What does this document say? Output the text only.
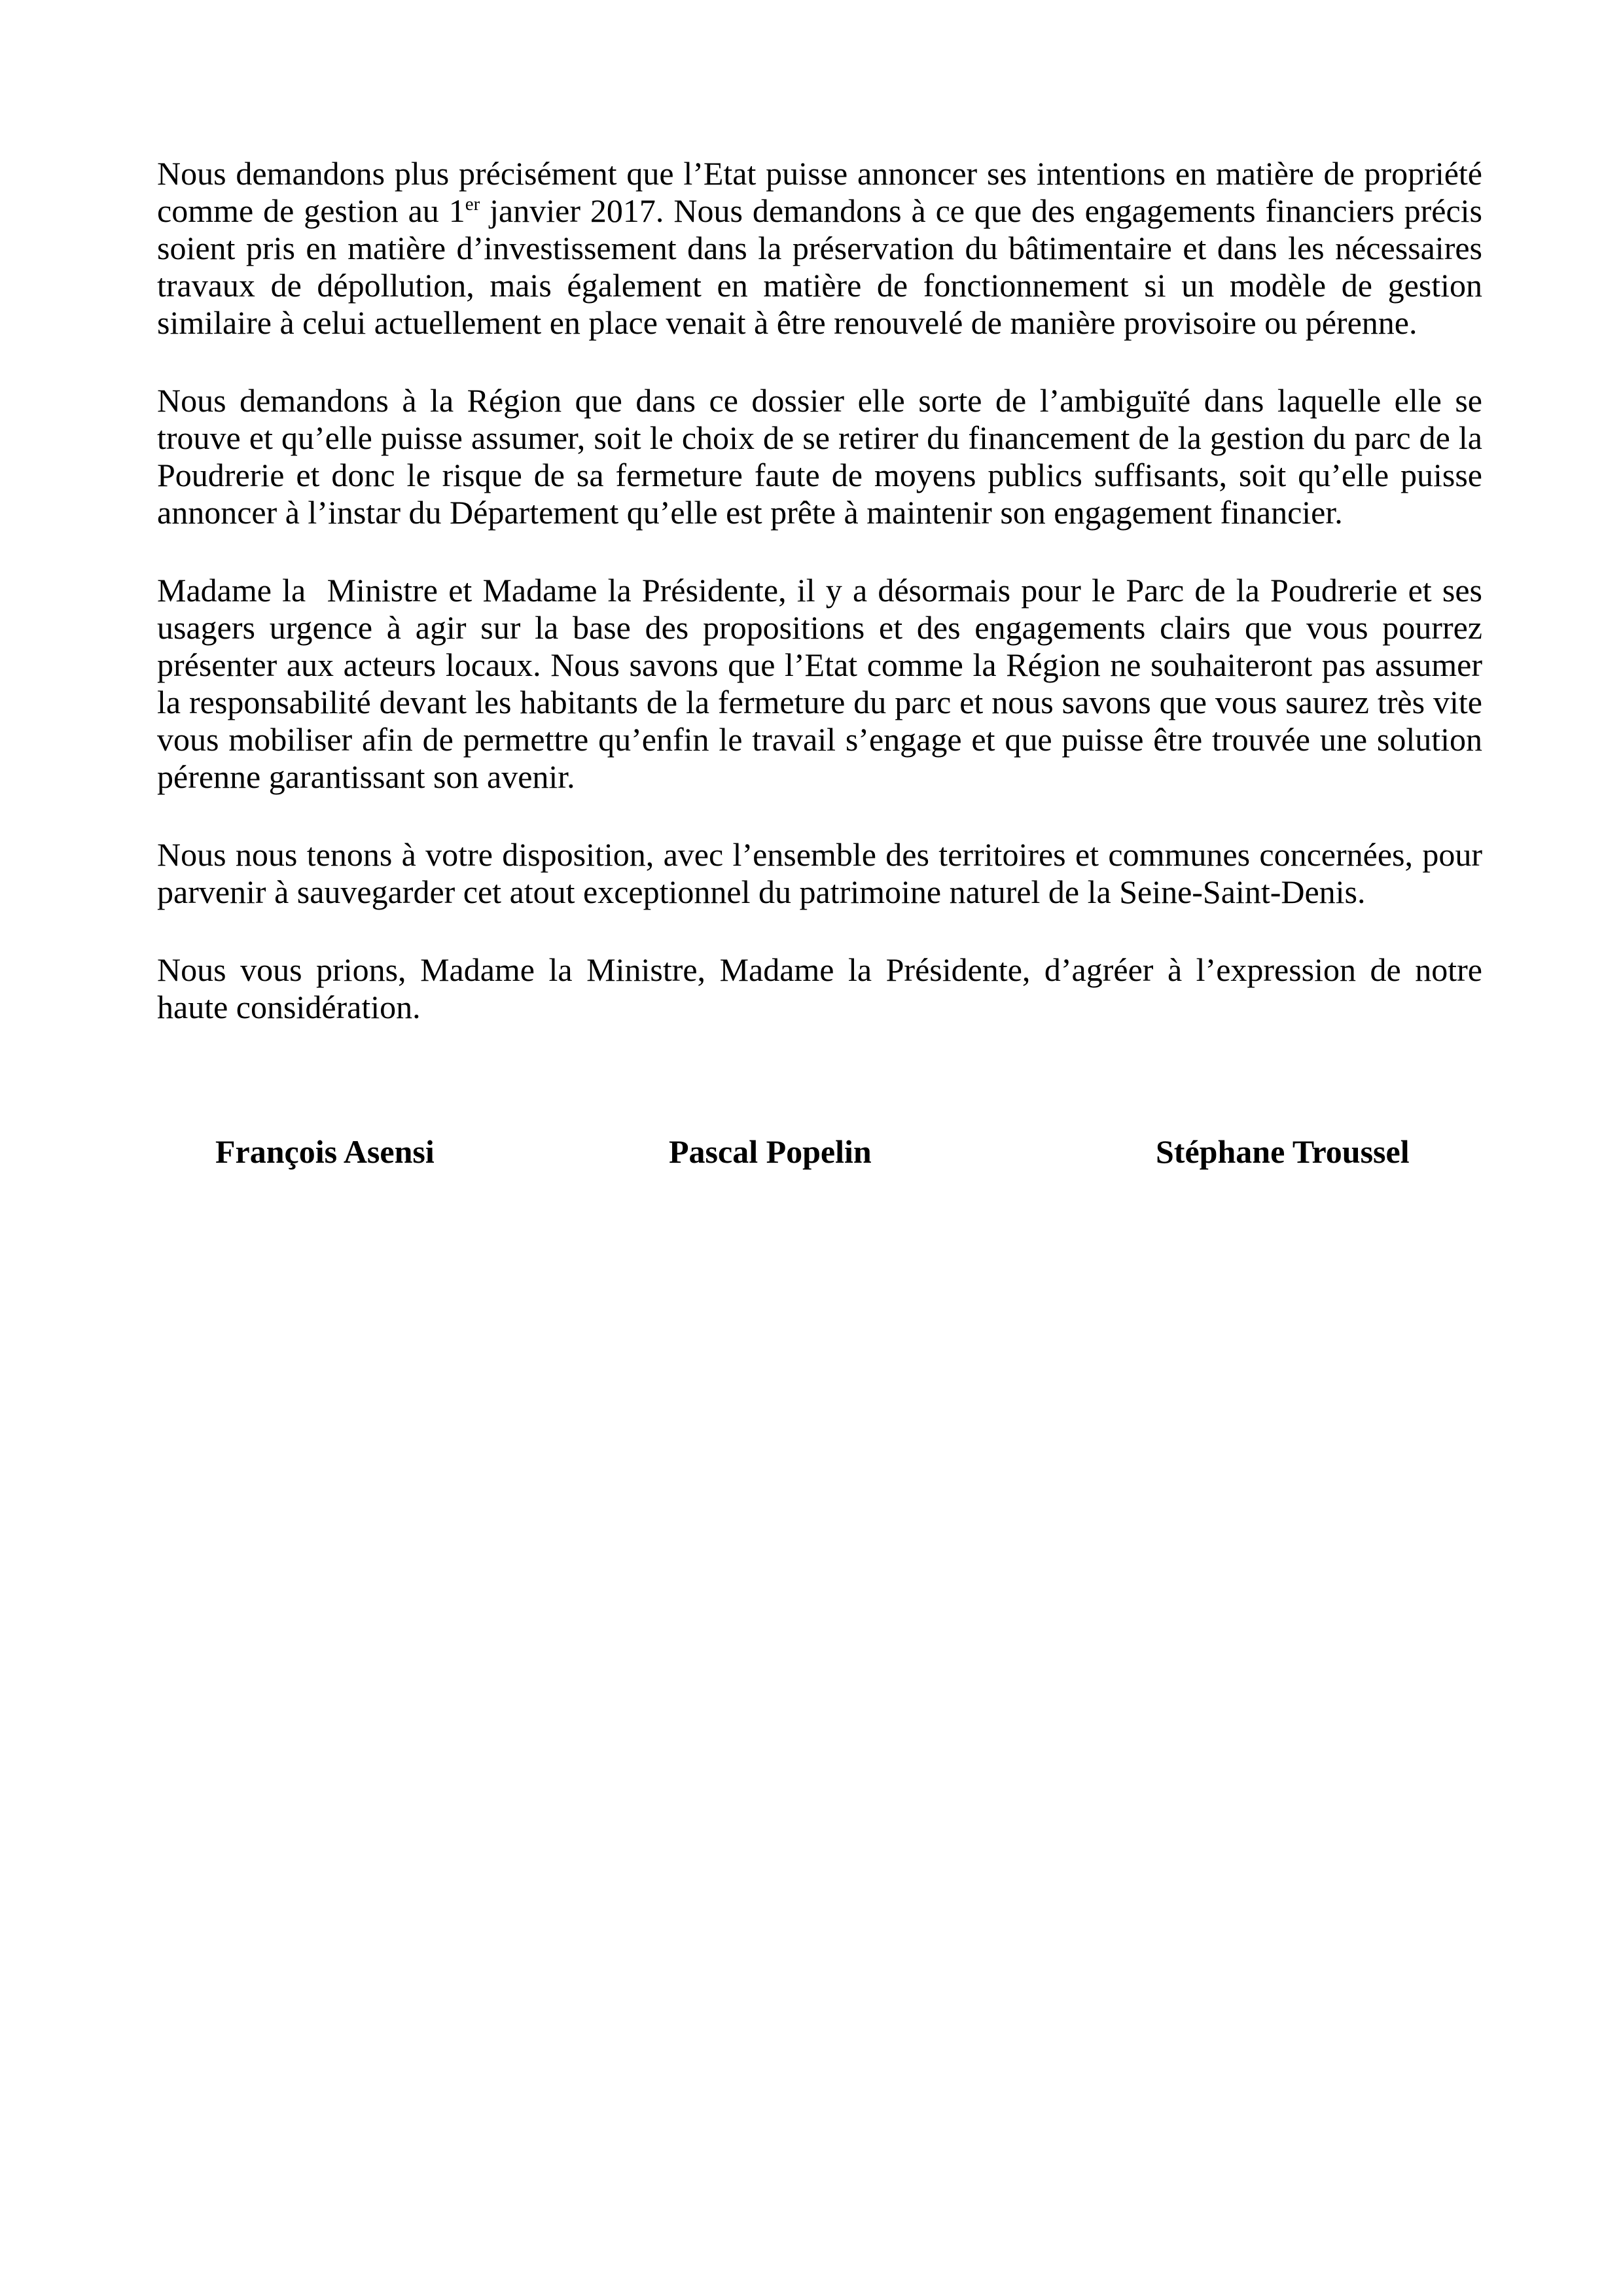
Nous demandons plus précisément que l’Etat puisse annoncer ses intentions en matière de propriété comme de gestion au 1er janvier 2017. Nous demandons à ce que des engagements financiers précis soient pris en matière d’investissement dans la préservation du bâtimentaire et dans les nécessaires travaux de dépollution, mais également en matière de fonctionnement si un modèle de gestion similaire à celui actuellement en place venait à être renouvelé de manière provisoire ou pérenne.

Nous demandons à la Région que dans ce dossier elle sorte de l’ambiguïté dans laquelle elle se trouve et qu’elle puisse assumer, soit le choix de se retirer du financement de la gestion du parc de la Poudrerie et donc le risque de sa fermeture faute de moyens publics suffisants, soit qu’elle puisse annoncer à l’instar du Département qu’elle est prête à maintenir son engagement financier.

Madame la  Ministre et Madame la Présidente, il y a désormais pour le Parc de la Poudrerie et ses usagers urgence à agir sur la base des propositions et des engagements clairs que vous pourrez présenter aux acteurs locaux. Nous savons que l’Etat comme la Région ne souhaiteront pas assumer la responsabilité devant les habitants de la fermeture du parc et nous savons que vous saurez très vite vous mobiliser afin de permettre qu’enfin le travail s’engage et que puisse être trouvée une solution pérenne garantissant son avenir.

Nous nous tenons à votre disposition, avec l’ensemble des territoires et communes concernées, pour parvenir à sauvegarder cet atout exceptionnel du patrimoine naturel de la Seine-Saint-Denis.

Nous vous prions, Madame la Ministre, Madame la Présidente, d’agréer à l’expression de notre haute considération.

François Asensi	Pascal Popelin	Stéphane Troussel
